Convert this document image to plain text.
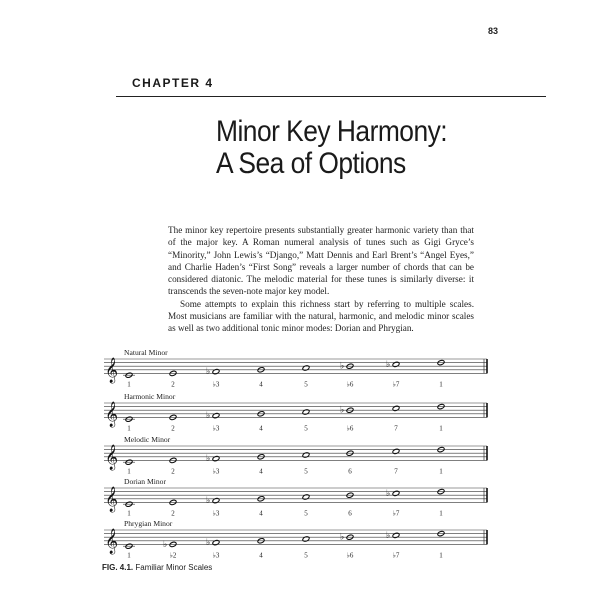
83
CHAPTER 4
Minor Key Harmony:
A Sea of Options

The minor key repertoire presents substantially greater harmonic variety than that of the major key. A Roman numeral analysis of tunes such as Gigi Gryce’s “Minority,” John Lewis’s “Django,” Matt Dennis and Earl Brent’s “Angel Eyes,” and Charlie Haden’s “First Song” reveals a larger number of chords that can be considered diatonic. The melodic material for these tunes is similarly diverse: it transcends the seven-note major key model.

Some attempts to explain this richness start by referring to multiple scales. Most musicians are familiar with the natural, harmonic, and melodic minor scales as well as two additional tonic minor modes: Dorian and Phrygian.

Natural Minor
𝄞
1	2
♭
♭3	4	5
♭
♭6
♭
♭7	1
Harmonic Minor
𝄞
1	2
♭
♭3	4	5
♭
♭6	7	1
Melodic Minor
𝄞
1	2
♭
♭3	4	5	6	7	1
Dorian Minor
𝄞
1	2
♭
♭3	4	5	6
♭
♭7	1
Phrygian Minor
𝄞
1
♭
♭2
♭
♭3	4	5
♭
♭6
♭
♭7	1
FIG. 4.1. Familiar Minor Scales
